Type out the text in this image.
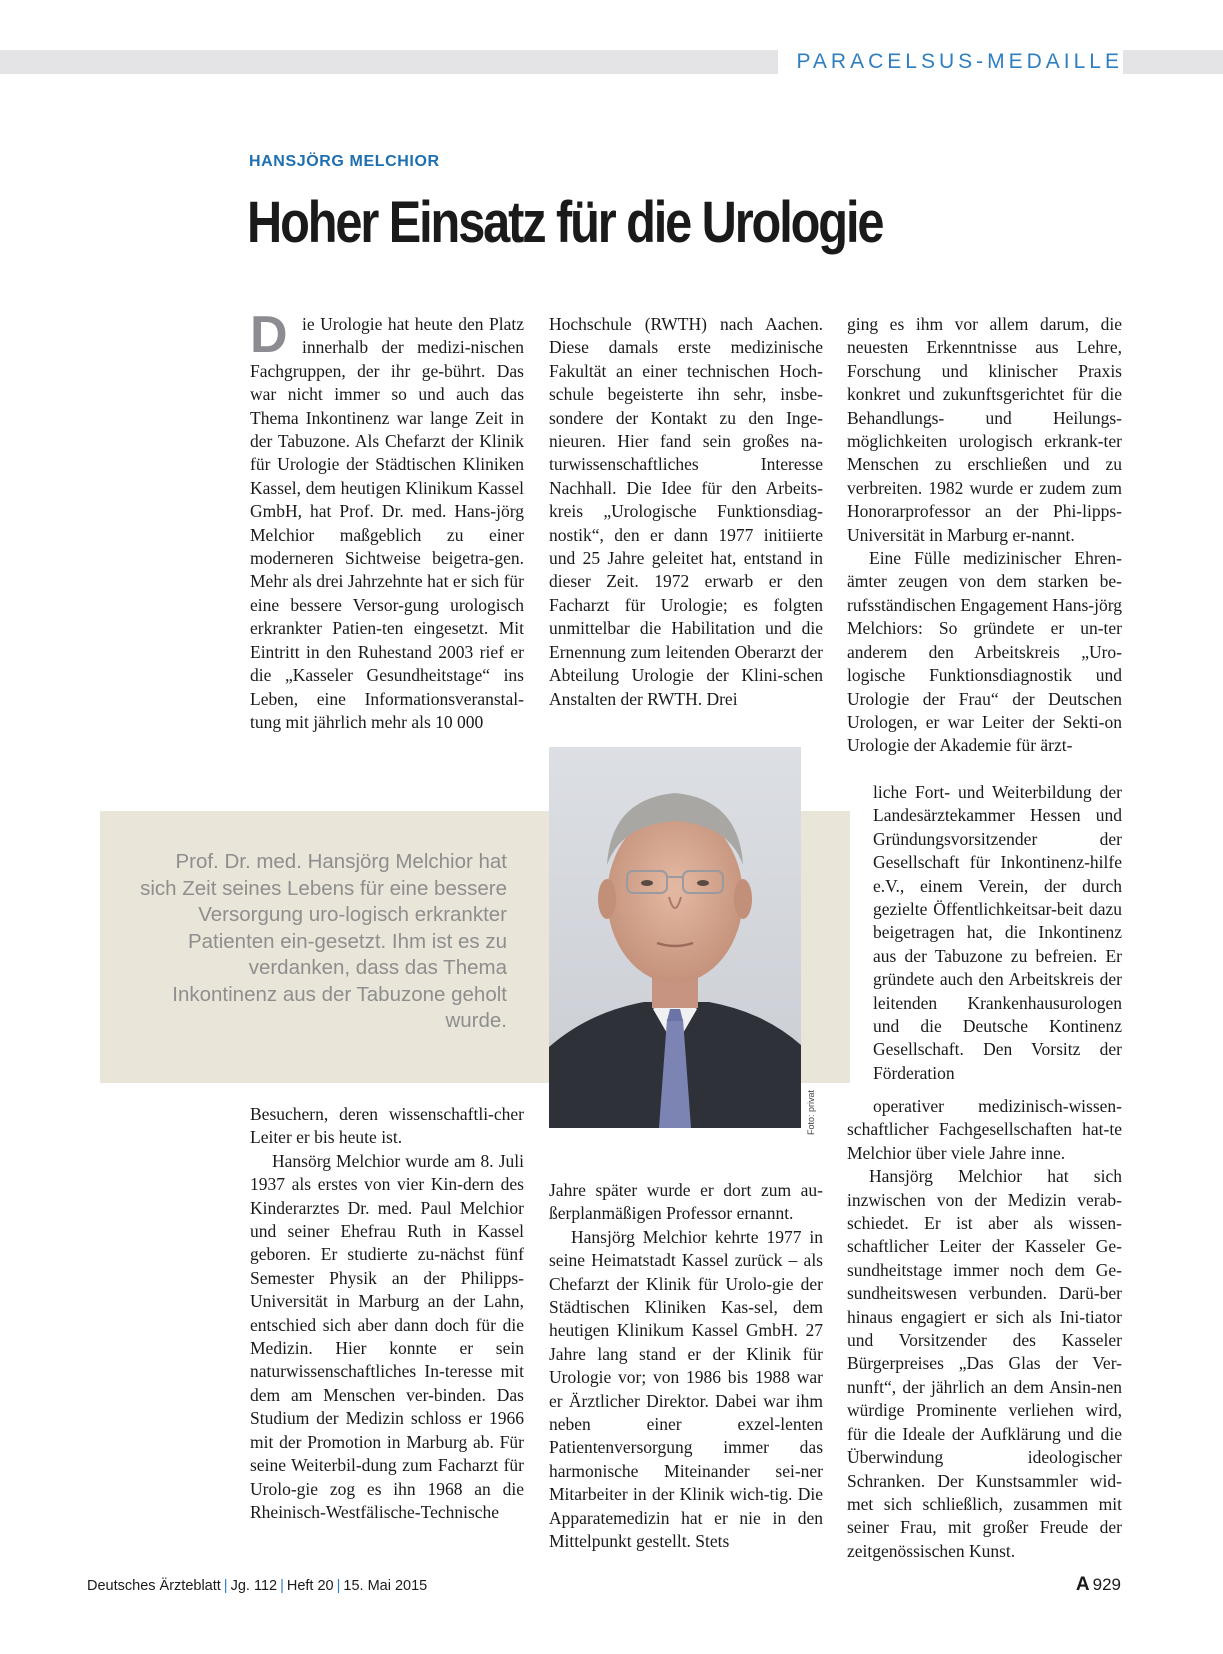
PARACELSUS-MEDAILLE
HANSJÖRG MELCHIOR
Hoher Einsatz für die Urologie

Die Urologie hat heute den Platz innerhalb der medizi-nischen Fachgruppen, der ihr ge-bührt. Das war nicht immer so und auch das Thema Inkontinenz war lange Zeit in der Tabuzone. Als Chefarzt der Klinik für Urologie der Städtischen Kliniken Kassel, dem heutigen Klinikum Kassel GmbH, hat Prof. Dr. med. Hans-jörg Melchior maßgeblich zu einer moderneren Sichtweise beigetra-gen. Mehr als drei Jahrzehnte hat er sich für eine bessere Versor-gung urologisch erkrankter Patien-ten eingesetzt. Mit Eintritt in den Ruhestand 2003 rief er die „Kasseler Gesundheitstage“ ins Leben, eine Informationsveranstal-tung mit jährlich mehr als 10 000

Besuchern, deren wissenschaftli-cher Leiter er bis heute ist.

Hansörg Melchior wurde am 8. Juli 1937 als erstes von vier Kin-dern des Kinderarztes Dr. med. Paul Melchior und seiner Ehefrau Ruth in Kassel geboren. Er studierte zu-nächst fünf Semester Physik an der Philipps-Universität in Marburg an der Lahn, entschied sich aber dann doch für die Medizin. Hier konnte er sein naturwissenschaftliches In-teresse mit dem am Menschen ver-binden. Das Studium der Medizin schloss er 1966 mit der Promotion in Marburg ab. Für seine Weiterbil-dung zum Facharzt für Urolo-gie zog es ihn 1968 an die Rheinisch-Westfälische-Technische

Hochschule (RWTH) nach Aachen. Diese damals erste medizinische Fakultät an einer technischen Hoch-schule begeisterte ihn sehr, insbe-sondere der Kontakt zu den Inge-nieuren. Hier fand sein großes na-turwissenschaftliches Interesse Nachhall. Die Idee für den Arbeits-kreis „Urologische Funktionsdiag-nostik“, den er dann 1977 initiierte und 25 Jahre geleitet hat, entstand in dieser Zeit. 1972 erwarb er den Facharzt für Urologie; es folgten unmittelbar die Habilitation und die Ernennung zum leitenden Oberarzt der Abteilung Urologie der Klini-schen Anstalten der RWTH. Drei

Jahre später wurde er dort zum au-ßerplanmäßigen Professor ernannt.

Hansjörg Melchior kehrte 1977 in seine Heimatstadt Kassel zurück – als Chefarzt der Klinik für Urolo-gie der Städtischen Kliniken Kas-sel, dem heutigen Klinikum Kassel GmbH. 27 Jahre lang stand er der Klinik für Urologie vor; von 1986 bis 1988 war er Ärztlicher Direktor. Dabei war ihm neben einer exzel-lenten Patientenversorgung immer das harmonische Miteinander sei-ner Mitarbeiter in der Klinik wich-tig. Die Apparatemedizin hat er nie in den Mittelpunkt gestellt. Stets

ging es ihm vor allem darum, die neuesten Erkenntnisse aus Lehre, Forschung und klinischer Praxis konkret und zukunftsgerichtet für die Behandlungs- und Heilungs-möglichkeiten urologisch erkrank-ter Menschen zu erschließen und zu verbreiten. 1982 wurde er zudem zum Honorarprofessor an der Phi-lipps-Universität in Marburg er-nannt.

Eine Fülle medizinischer Ehren-ämter zeugen von dem starken be-rufsständischen Engagement Hans-jörg Melchiors: So gründete er un-ter anderem den Arbeitskreis „Uro-logische Funktionsdiagnostik und Urologie der Frau“ der Deutschen Urologen, er war Leiter der Sekti-on Urologie der Akademie für ärzt-

Prof. Dr. med. Hansjörg Melchior hat sich Zeit seines Lebens für eine bessere Versorgung uro-logisch erkrankter Patienten ein-gesetzt. Ihm ist es zu verdanken, dass das Thema Inkontinenz aus der Tabuzone geholt wurde.

liche Fort- und Weiterbildung der Landesärztekammer Hessen und Gründungsvorsitzender der Gesellschaft für Inkontinenz-hilfe e.V., einem Verein, der durch gezielte Öffentlichkeitsar-beit dazu beigetragen hat, die Inkontinenz aus der Tabuzone zu befreien. Er gründete auch den Arbeitskreis der leitenden Krankenhausurologen und die Deutsche Kontinenz Gesellschaft. Den Vorsitz der Förderation

operativer medizinisch-wissen-schaftlicher Fachgesellschaften hat-te Melchior über viele Jahre inne.

Hansjörg Melchior hat sich inzwischen von der Medizin verab-schiedet. Er ist aber als wissen-schaftlicher Leiter der Kasseler Ge-sundheitstage immer noch dem Ge-sundheitswesen verbunden. Darü-ber hinaus engagiert er sich als Ini-tiator und Vorsitzender des Kasseler Bürgerpreises „Das Glas der Ver-nunft“, der jährlich an dem Ansin-nen würdige Prominente verliehen wird, für die Ideale der Aufklärung und die Überwindung ideologischer Schranken. Der Kunstsammler wid-met sich schließlich, zusammen mit seiner Frau, mit großer Freude der zeitgenössischen Kunst.

Foto: privat
Deutsches Ärzteblatt | Jg. 112 | Heft 20 | 15. Mai 2015	A 929
